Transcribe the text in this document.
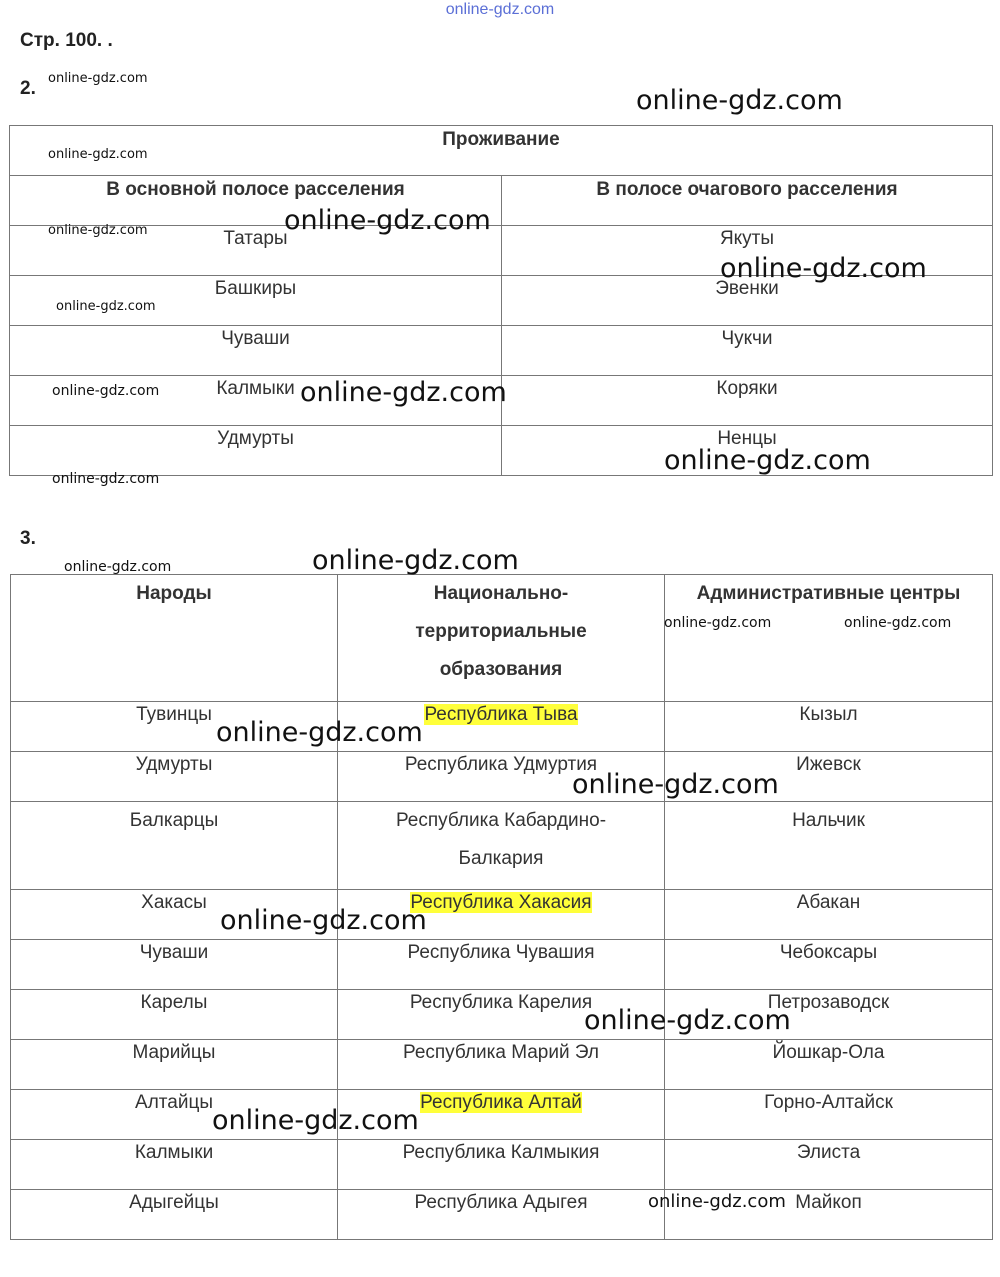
online-gdz.com
Стр. 100. .
2.
Проживание	
В основной полосе расселения	В полосе очагового расселения
Татары	Якуты
Башкиры	Эвенки
Чуваши	Чукчи
Калмыки	Коряки
Удмурты	Ненцы
3.
Народы	Национально-территориальные образования	Административные центры
Тувинцы	Республика Тыва	Кызыл
Удмурты	Республика Удмуртия	Ижевск
Балкарцы	Республика Кабардино-Балкария	Нальчик
Хакасы	Республика Хакасия	Абакан
Чуваши	Республика Чувашия	Чебоксары
Карелы	Республика Карелия	Петрозаводск
Марийцы	Республика Марий Эл	Йошкар-Ола
Алтайцы	Республика Алтай	Горно-Алтайск
Калмыки	Республика Калмыкия	Элиста
Адыгейцы	Республика Адыгея	Майкоп
online-gdz.com
online-gdz.com
online-gdz.com
online-gdz.com
online-gdz.com
online-gdz.com
online-gdz.com
online-gdz.com	online-gdz.com
online-gdz.com
online-gdz.com
online-gdz.com
online-gdz.com
online-gdz.com	online-gdz.com
online-gdz.com
online-gdz.com
online-gdz.com
online-gdz.com
online-gdz.com
online-gdz.com
